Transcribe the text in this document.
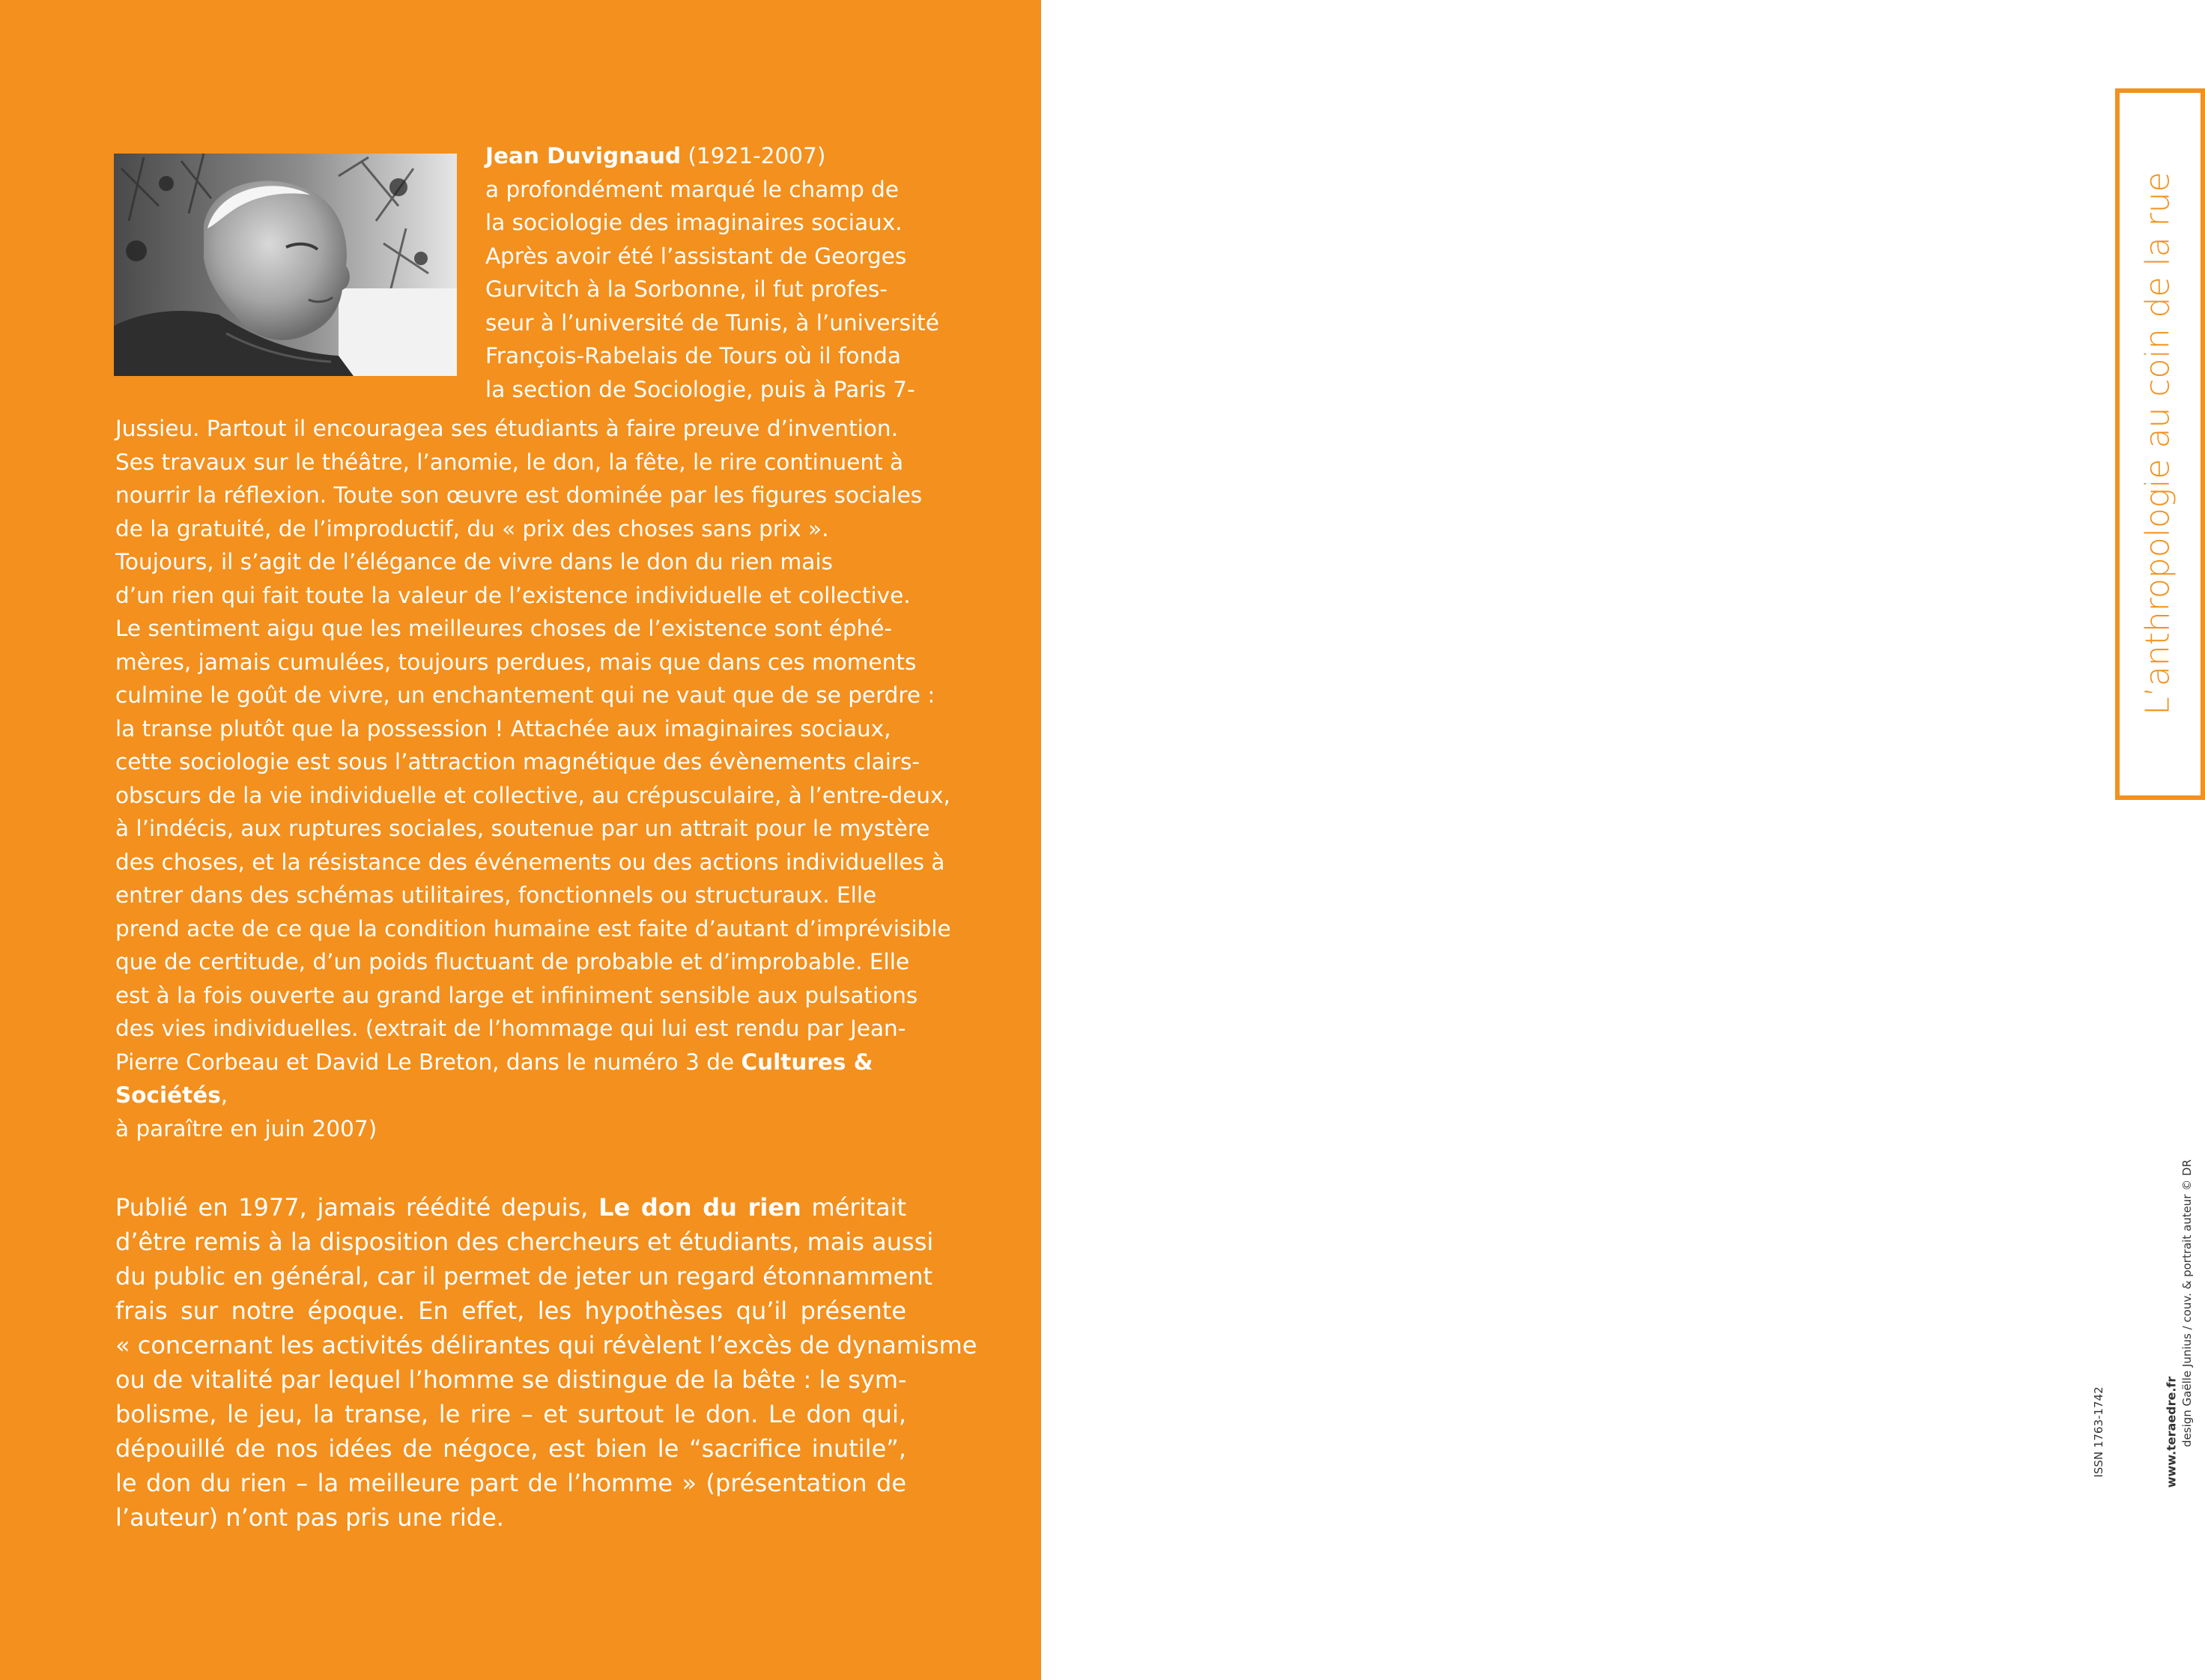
Jean Duvignaud (1921-2007)
a profondément marqué le champ de
la sociologie des imaginaires sociaux.
Après avoir été l’assistant de Georges
Gurvitch à la Sorbonne, il fut profes-
seur à l’université de Tunis, à l’université
François-Rabelais de Tours où il fonda
la section de Sociologie, puis à Paris 7-
Jussieu. Partout il encouragea ses étudiants à faire preuve d’invention.
Ses travaux sur le théâtre, l’anomie, le don, la fête, le rire continuent à
nourrir la réflexion. Toute son œuvre est dominée par les figures sociales
de la gratuité, de l’improductif, du « prix des choses sans prix ».
Toujours, il s’agit de l’élégance de vivre dans le don du rien mais
d’un rien qui fait toute la valeur de l’existence individuelle et collective.
Le sentiment aigu que les meilleures choses de l’existence sont éphé-
mères, jamais cumulées, toujours perdues, mais que dans ces moments
culmine le goût de vivre, un enchantement qui ne vaut que de se perdre :
la transe plutôt que la possession ! Attachée aux imaginaires sociaux,
cette sociologie est sous l’attraction magnétique des évènements clairs-
obscurs de la vie individuelle et collective, au crépusculaire, à l’entre-deux,
à l’indécis, aux ruptures sociales, soutenue par un attrait pour le mystère
des choses, et la résistance des événements ou des actions individuelles à
entrer dans des schémas utilitaires, fonctionnels ou structuraux. Elle
prend acte de ce que la condition humaine est faite d’autant d’imprévisible
que de certitude, d’un poids fluctuant de probable et d’improbable. Elle
est à la fois ouverte au grand large et infiniment sensible aux pulsations
des vies individuelles. (extrait de l’hommage qui lui est rendu par Jean-
Pierre Corbeau et David Le Breton, dans le numéro 3 de Cultures &
Sociétés,
à paraître en juin 2007)
Publié en 1977, jamais réédité depuis, Le don du rien méritait
d’être remis à la disposition des chercheurs et étudiants, mais aussi
du public en général, car il permet de jeter un regard étonnamment
frais sur notre époque. En effet, les hypothèses qu’il présente
« concernant les activités délirantes qui révèlent l’excès de dynamisme
ou de vitalité par lequel l’homme se distingue de la bête : le sym-
bolisme, le jeu, la transe, le rire – et surtout le don. Le don qui,
dépouillé de nos idées de négoce, est bien le “sacrifice inutile”,
le don du rien – la meilleure part de l’homme » (présentation de
l’auteur) n’ont pas pris une ride.
L’anthropologie au coin de la rue
ISSN 1763-1742	www.teraedre.fr design Gaëlle Junius / couv. & portrait auteur © DR
